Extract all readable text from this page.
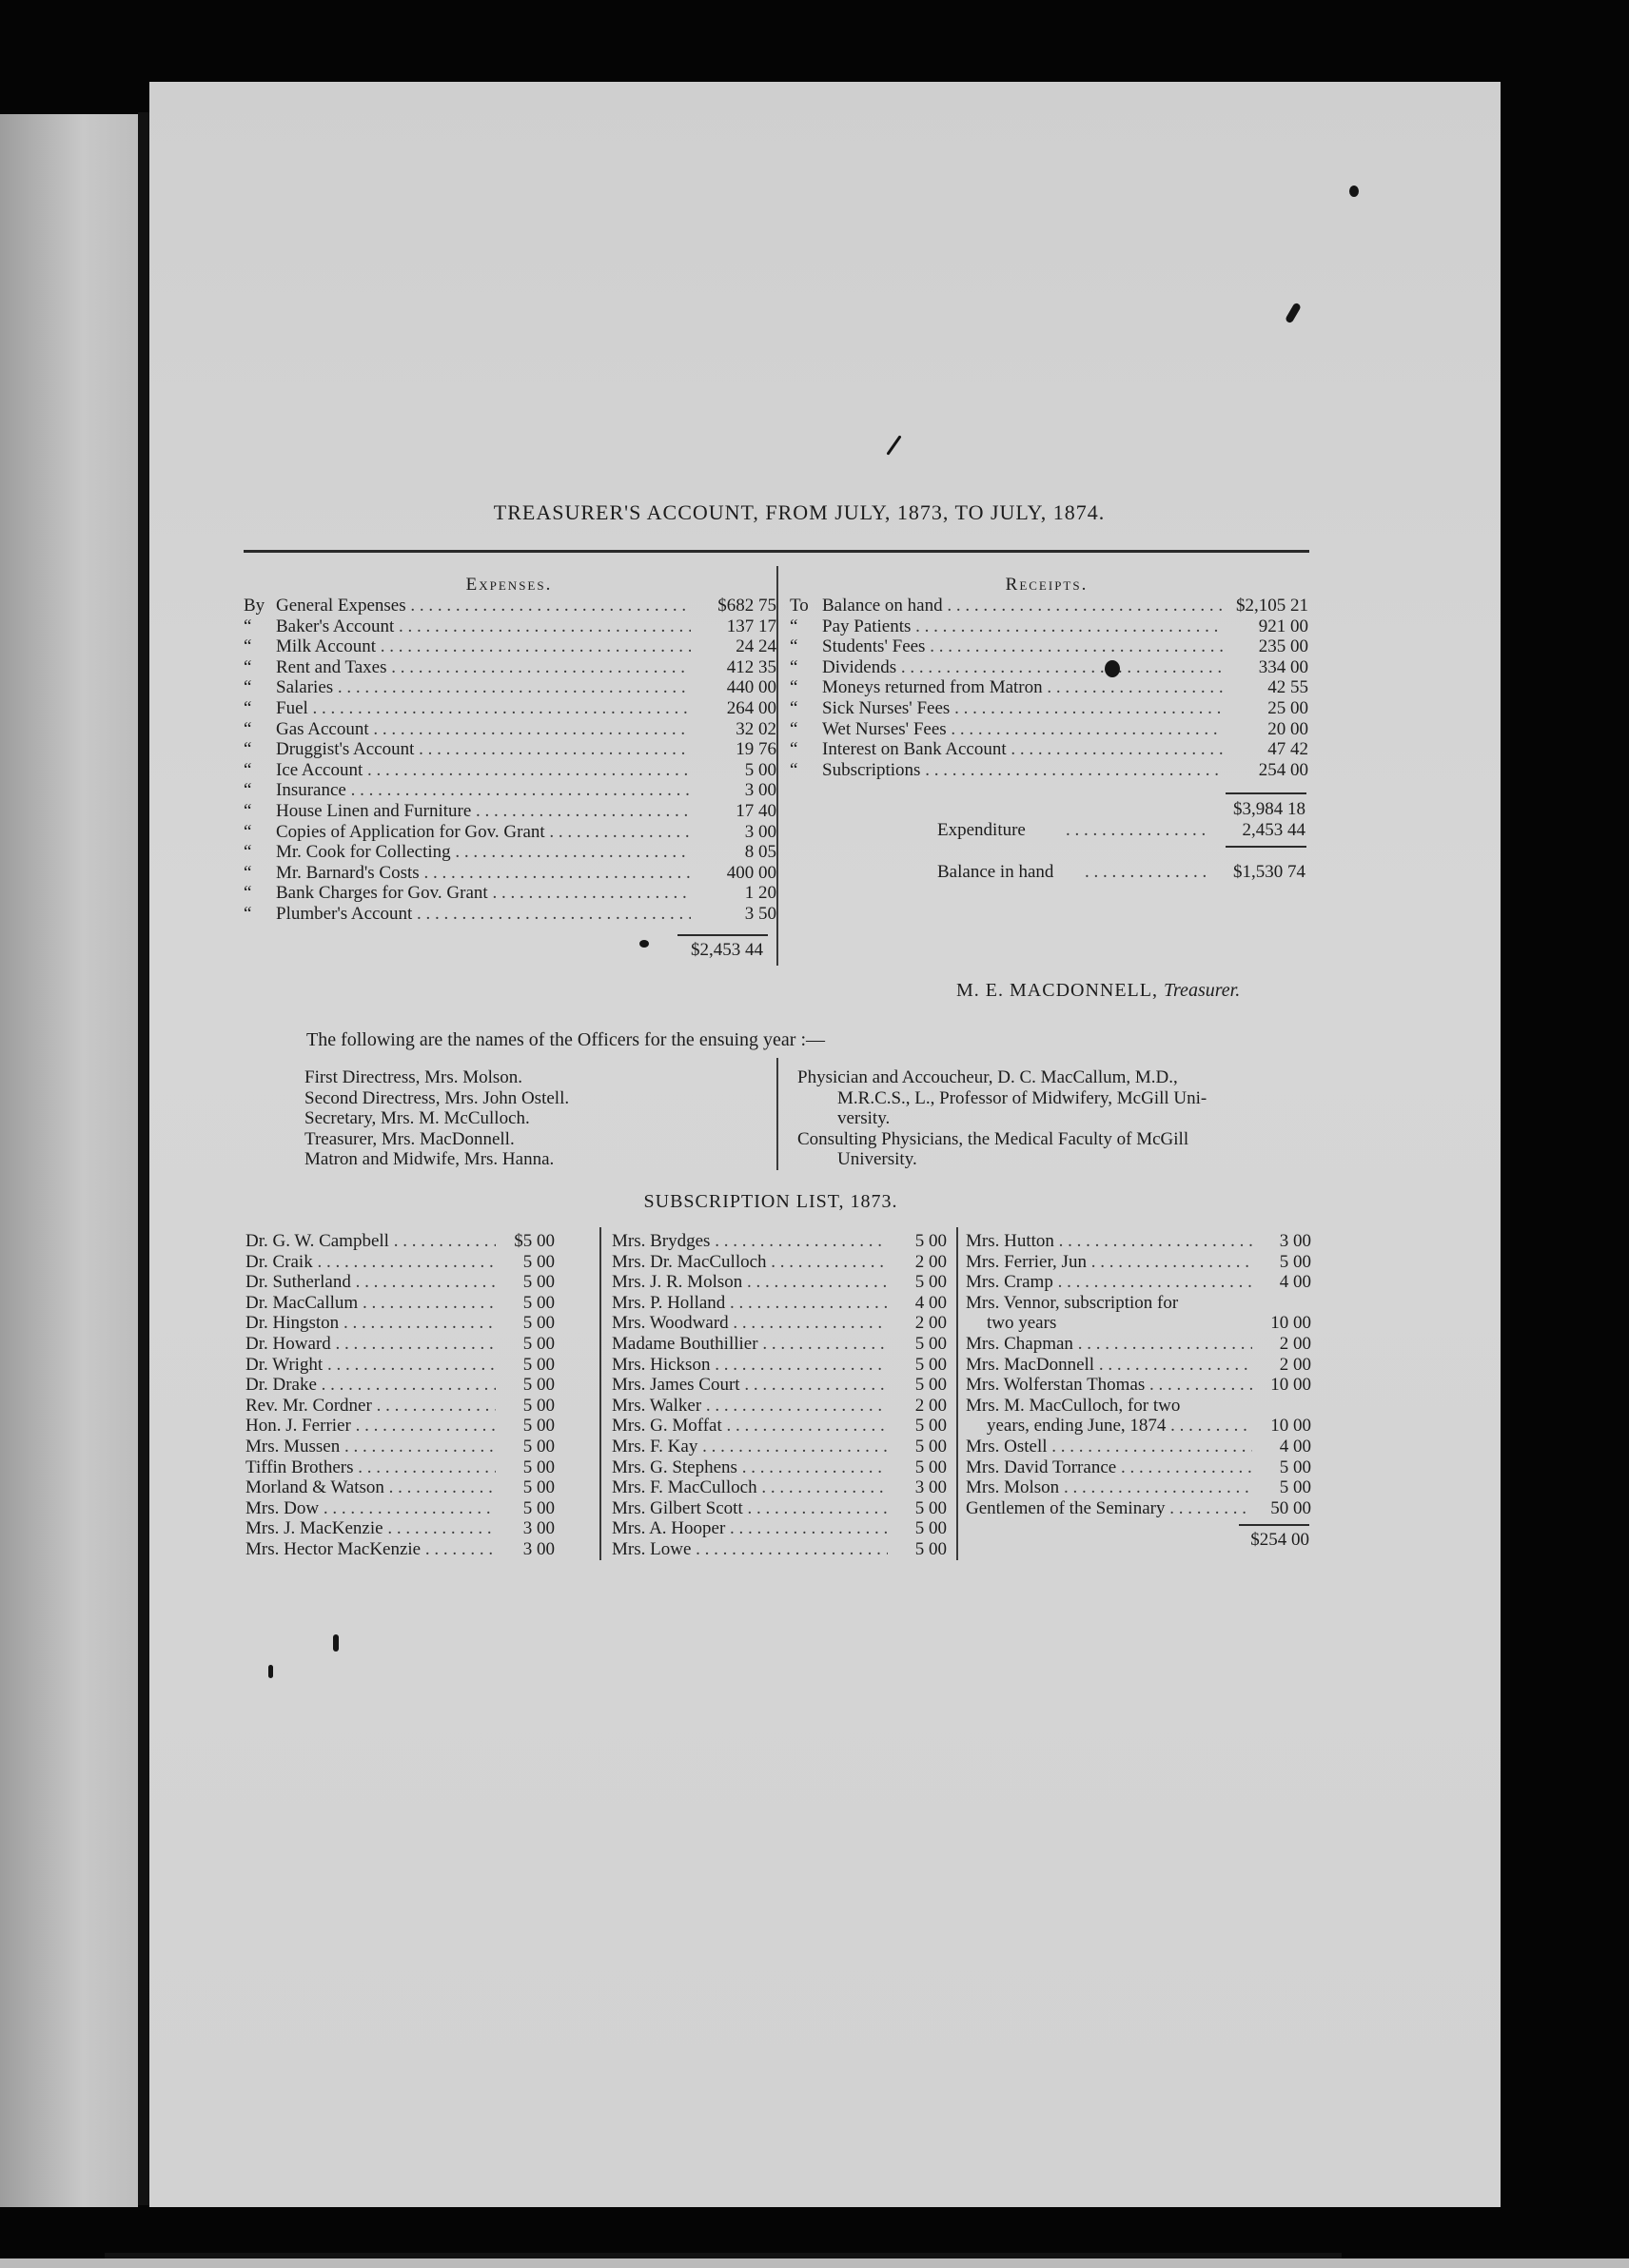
TREASURER'S ACCOUNT, FROM JULY, 1873, TO JULY, 1874.
Expenses.
By General Expenses . . .	$682 75
“ Baker's Account . . .	137 17
“ Milk Account . . .	24 24
“ Rent and Taxes . . .	412 35
“ Salaries . . .	440 00
“ Fuel . . .	264 00
“ Gas Account . . .	32 02
“ Druggist's Account . . .	19 76
“ Ice Account . . .	5 00
“ Insurance . . .	3 00
“ House Linen and Furniture . . .	17 40
“ Copies of Application for Gov. Grant . . .	3 00
“ Mr. Cook for Collecting . . .	8 05
“ Mr. Barnard's Costs . . .	400 00
“ Bank Charges for Gov. Grant . . .	1 20
“ Plumber's Account . . .	3 50
$2,453 44
Receipts.
To Balance on hand . . .	$2,105 21
“ Pay Patients . . .	921 00
“ Students' Fees . . .	235 00
“ Dividends . . .	334 00
“ Moneys returned from Matron . . .	42 55
“ Sick Nurses' Fees . . .	25 00
“ Wet Nurses' Fees . . .	20 00
“ Interest on Bank Account . . .	47 42
“ Subscriptions . . .	254 00
$3,984 18
Expenditure . . . . . . . . . . . . . . . .	2,453 44
Balance in hand . . . . . . . . . . . . . .	$1,530 74
M. E. MACDONNELL, Treasurer.
The following are the names of the Officers for the ensuing year :—
First Directress, Mrs. Molson.
Second Directress, Mrs. John Ostell.
Secretary, Mrs. M. McCulloch.
Treasurer, Mrs. MacDonnell.
Matron and Midwife, Mrs. Hanna.
Physician and Accoucheur, D. C. MacCallum, M.D.,
M.R.C.S., L., Professor of Midwifery, McGill Uni-
versity.
Consulting Physicians, the Medical Faculty of McGill
University.
SUBSCRIPTION LIST, 1873.
Dr. G. W. Campbell . . .	$5 00
Dr. Craik . . .	5 00
Dr. Sutherland . . .	5 00
Dr. MacCallum . . .	5 00
Dr. Hingston . . .	5 00
Dr. Howard . . .	5 00
Dr. Wright . . .	5 00
Dr. Drake . . .	5 00
Rev. Mr. Cordner . . .	5 00
Hon. J. Ferrier . . .	5 00
Mrs. Mussen . . .	5 00
Tiffin Brothers . . .	5 00
Morland & Watson . . .	5 00
Mrs. Dow . . .	5 00
Mrs. J. MacKenzie . . .	3 00
Mrs. Hector MacKenzie . . .	3 00
Mrs. Brydges . . .	5 00
Mrs. Dr. MacCulloch . . .	2 00
Mrs. J. R. Molson . . .	5 00
Mrs. P. Holland . . .	4 00
Mrs. Woodward . . .	2 00
Madame Bouthillier . . .	5 00
Mrs. Hickson . . .	5 00
Mrs. James Court . . .	5 00
Mrs. Walker . . .	2 00
Mrs. G. Moffat . . .	5 00
Mrs. F. Kay . . .	5 00
Mrs. G. Stephens . . .	5 00
Mrs. F. MacCulloch . . .	3 00
Mrs. Gilbert Scott . . .	5 00
Mrs. A. Hooper . . .	5 00
Mrs. Lowe . . .	5 00
Mrs. Hutton . . .	3 00
Mrs. Ferrier, Jun . . .	5 00
Mrs. Cramp . . .	4 00
Mrs. Vennor, subscription for
two years	10 00
Mrs. Chapman . . .	2 00
Mrs. MacDonnell . . .	2 00
Mrs. Wolferstan Thomas . . .	10 00
Mrs. M. MacCulloch, for two
years, ending June, 1874 . . .	10 00
Mrs. Ostell . . .	4 00
Mrs. David Torrance . . .	5 00
Mrs. Molson . . .	5 00
Gentlemen of the Seminary . . .	50 00
$254 00
